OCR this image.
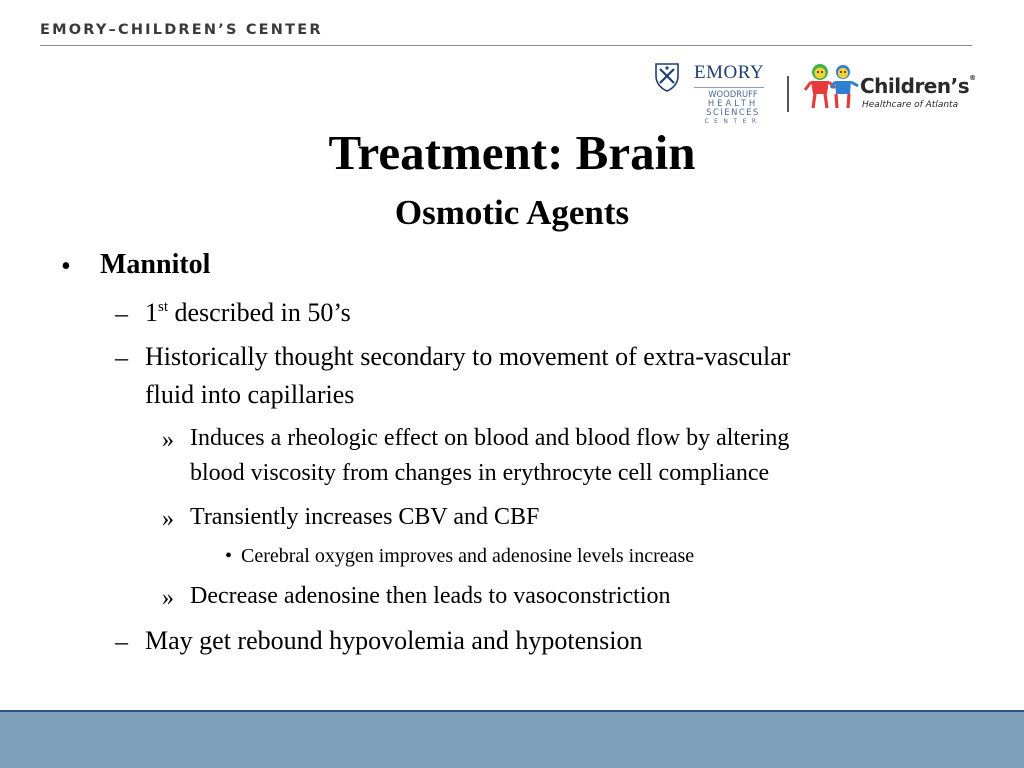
EMORY–CHILDREN’S CENTER
EMORY
WOODRUFF
HEALTH
SCIENCES
CENTER
Children’s®
Healthcare of Atlanta
Treatment: Brain
Osmotic Agents
• Mannitol
– 1st described in 50’s
– Historically thought secondary to movement of extra-vascular
fluid into capillaries
» Induces a rheologic effect on blood and blood flow by altering
blood viscosity from changes in erythrocyte cell compliance
» Transiently increases CBV and CBF
• Cerebral oxygen improves and adenosine levels increase
» Decrease adenosine then leads to vasoconstriction
– May get rebound hypovolemia and hypotension
